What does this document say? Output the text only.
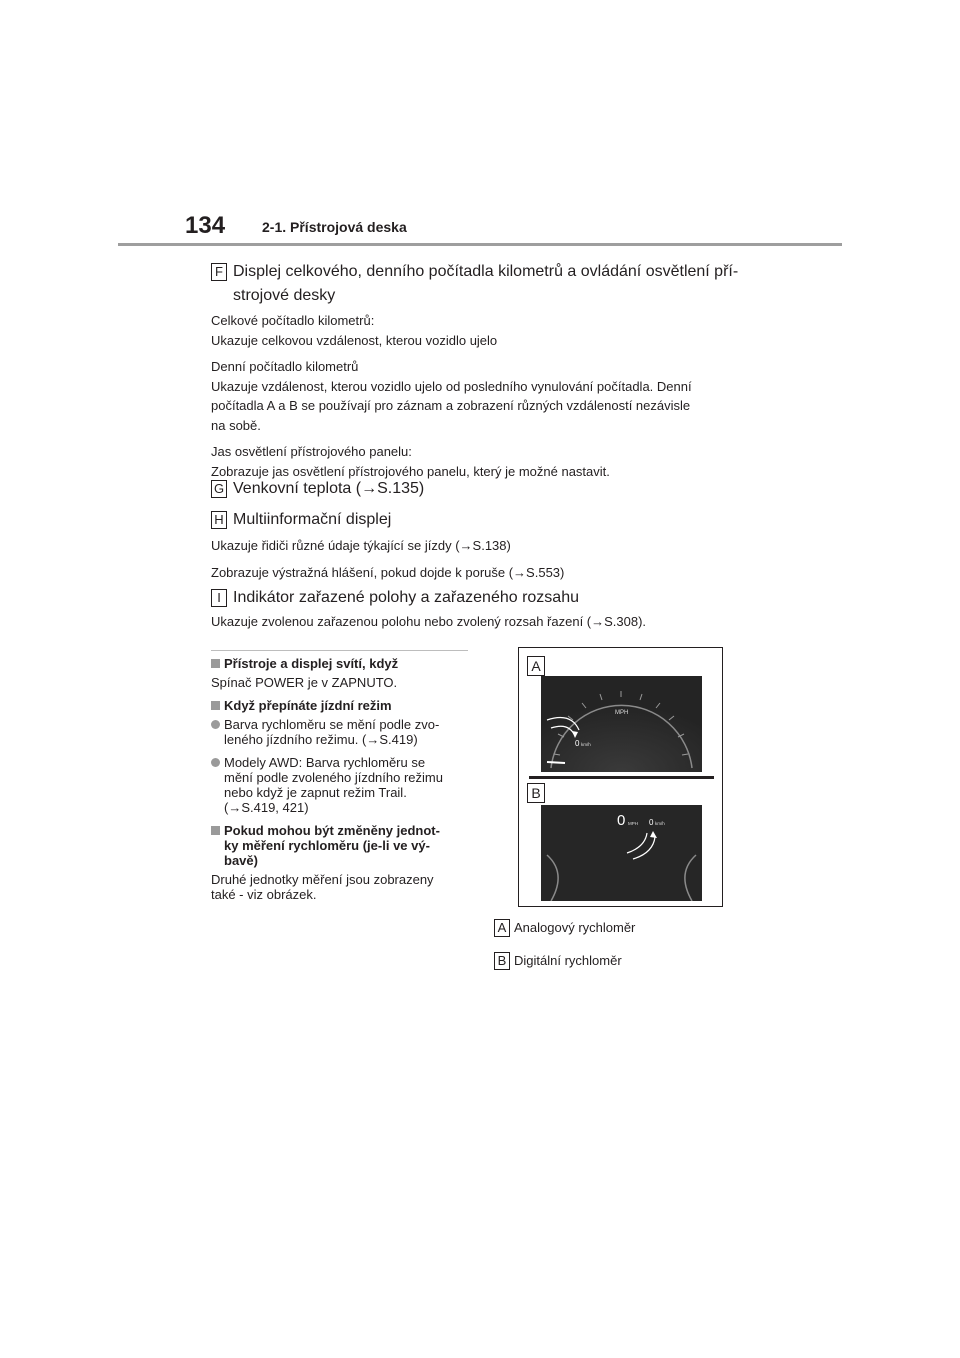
134	2-1. Přístrojová deska
F Displej celkového, denního počítadla kilometrů a ovládání osvětlení pří-
strojové desky

Celkové počítadlo kilometrů:
Ukazuje celkovou vzdálenost, kterou vozidlo ujelo

Denní počítadlo kilometrů
Ukazuje vzdálenost, kterou vozidlo ujelo od posledního vynulování počítadla. Denní
počítadla A a B se používají pro záznam a zobrazení různých vzdáleností nezávisle
na sobě.

Jas osvětlení přístrojového panelu:
Zobrazuje jas osvětlení přístrojového panelu, který je možné nastavit.

G Venkovní teplota (→S.135)
H Multiinformační displej

Ukazuje řidiči různé údaje týkající se jízdy (→S.138)

Zobrazuje výstražná hlášení, pokud dojde k poruše (→S.553)

I Indikátor zařazené polohy a zařazeného rozsahu

Ukazuje zvolenou zařazenou polohu nebo zvolený rozsah řazení (→S.308).

Přístroje a displej svítí, když
Spínač POWER je v ZAPNUTO.
Když přepínáte jízdní režim
Barva rychloměru se mění podle zvo-
leného jízdního režimu. (→S.419)
Modely AWD: Barva rychloměru se
mění podle zvoleného jízdního režimu
nebo když je zapnut režim Trail.
(→S.419, 421)
Pokud mohou být změněny jednot-
ky měření rychloměru (je-li ve vý-
bavě)
Druhé jednotky měření jsou zobrazeny
také - viz obrázek.
A
MPH
0 km/h
B
0 MPH 0 km/h
A Analogový rychloměr
B Digitální rychloměr
